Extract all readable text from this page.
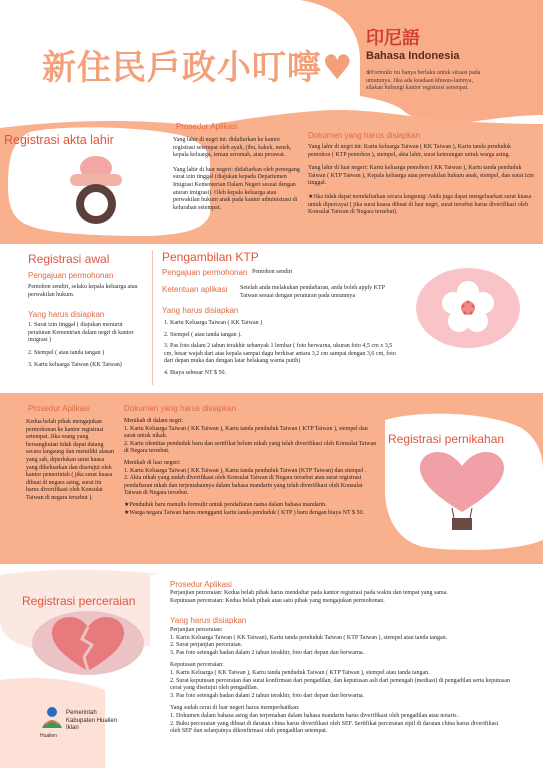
新住民戶政小叮嚀♥
印尼語
Bahasa Indonesia
※Formulir ini hanya berlaku untuk situasi pada umumnya. Jika ada keadaan khusus-lainnya, silakan hubungi kantor registrasi setempat.
Registrasi akta lahir
Prosedur Aplikasi
Yang lahir di negri ini: didaftarkan ke kantor registrasi setempat oleh ayah, (ibu, kakek, nenek, kepala keluarga, teman serumah, atau perawat.
Yang lahir di luar negeri: didaftarkan oleh pemegang surat izin tinggal (diajukan kepada Departemen Imigrasi Kementerian Dalam Negeri sesuai dengan aturan imigrasi). Oleh kepala keluarga atau perwakilan hukum anak pada kantor administrasi di kelurahan setempat.
Dokumen yang harus disiapkan
Yang lahir di negri ini: Kartu keluarga Taiwan ( KK Taiwan ), Kartu tanda penduduk pemohon ( KTP pemohon ), stempel, akta lahir, surat keterangan untuk warga asing.
Yang lahir di luar negeri: Kartu keluarga pemohon ( KK Taiwan ), Kartu tanda penduduk Taiwan ( KTP Taiwan ), Kepala keluarga atau perwakilan hukum anak, stempel, dan surat izin tinggal.
★Jika tidak dapat mendaftarkan secara langsung: Anda juga dapat mengeluarkan surat kuasa untuk dipercayai ( jika surat kuasa dibuat di luar negri, surat tersebut harus diverifikasi oleh Konsulat Taiwan di Negara tersebut).
Registrasi awal
Pengajuan permohonan
Pemohon sendiri, selaku kepala keluarga atau perwakilan hukum.
Yang harus disiapkan
1. Surat izin tinggal ( diajukan menurut peraturan Kementrian dalam negri di kantor imigrasi )
2. Stempel ( atau tanda tangan )
3. Kartu keluarga Taiwan (KK Taiwan)
Pengambilan KTP
Pengajuan permohonan Pemohon sendiri
Ketentuan aplikasi Setelah anda melakukan pendaftaran, anda boleh apply KTP Taiwan sesuai dengan peraturan pada umumnya
Yang harus disiapkan
1. Kartu Keluarga Taiwan ( KK Taiwan )
2. Stempel ( atau tanda tangan ).
3. Pas foto dalam 2 tahun terakhir sebanyak 1 lembar ( foto berwarna, ukuran foto 4,5 cm x 3,5 cm, besar wajah dari atas kepala sampai dagu berkisar antara 3,2 cm sampai dengan 3,6 cm, foto dari depan muka dan dengan latar belakang warna putih)
4. Biaya sebesar NT $ 50.
Prosedur Aplikasi
Kedua belah pihak mengajukan permohonan ke kantor registrasi setempat. Jika orang yang bersangkutan tidak dapat datang secara langsung dan memiliki alasan yang sah, diperlukan surat kuasa yang dikeluarkan dan disetujui oleh kantor pemerintah ( jika surat kuasa dibuat di negara asing, surat itu harus diverifikasi oleh Konsulat Taiwan di negara tersebut ).
Dokumen yang harus disiapkan
Menikah di dalam negri:
1. Kartu Keluarga Taiwan ( KK Taiwan ), Kartu tanda penduduk Taiwan ( KTP Taiwan ), stempel dan surat untuk nikah.
2. Kartu identitas penduduk baru dan sertifikat belum nikah yang telah diverifikasi oleh Konsulat Taiwan di Negara tersebut.
Menikah di luar negeri:
1. Kartu Keluarga Taiwan ( KK Taiwan ), Kartu tanda penduduk Taiwan (KTP Taiwan) dan stempel .
2. Akta nikah yang sudah diverifikasi oleh Konsulat Taiwan di Negara tersebut atau surat registrasi pendaftaran nikah dan terjemahannya dalam bahasa mandarin yang telah diverifikasi oleh Konsulat Taiwan di Negara tersebut.
★Penduduk baru menulis formulir untuk pendaftaran nama dalam bahasa mandarin.
★Warga negara Taiwan harus mengganti kartu tanda penduduk ( KTP ) baru dengan biaya NT $ 50.
Registrasi pernikahan
Registrasi perceraian
Prosedur Aplikasi
Perjanjian perceraian: Kedua belah pihak harus mendaftar pada kantor registrasi pada waktu dan tempat yang sama.
Keputusan perceraian: Kedua belah pihak atau satu pihak yang mengajukan permohonan.
Yang harus disiapkan
Perjanjian perceraian:
1. Kartu Keluarga Taiwan ( KK Taiwan), Kartu tanda penduduk Taiwan ( KTP Taiwan ), stempel atau tanda tangan.
2. Surat perjanjian perceraian.
3. Pas foto setengah badan dalam 2 tahun terakhir, foto dari depan dan berwarna.
Keputusan perceraian:
1. Kartu Keluarga ( KK Taiwan ), Kartu tanda penduduk Taiwan ( KTP Taiwan ), stempel atau tanda tangan.
2. Surat keputusan perceraian dan surat konfirmasi dari pengadilan, dan keputusan asli dari penengah (mediasi) di pengadilan serta keputusan cerai yang disetujui oleh pengadilan.
3. Pas foto setengah badan dalam 2 tahun terakhir, foto dari depan dan berwarna.
Yang sudah cerai di luar negeri harus memperhatikan:
1. Dokumen dalam bahasa asing dan terjemahan dalam bahasa mandarin harus diverifikasi oleh pengadilan atau notaris .
2. Buku perceraian yang dibuat di daratan china harus diverifikasi oleh SEF. Sertifikat perceraian sipil di daratan china harus diverifikasi oleh SEF dan selanjutnya dikonfirmasi oleh pengadilan setempat.
Pemerintah
Kabupaten Hualien
Iklan
Hualien
